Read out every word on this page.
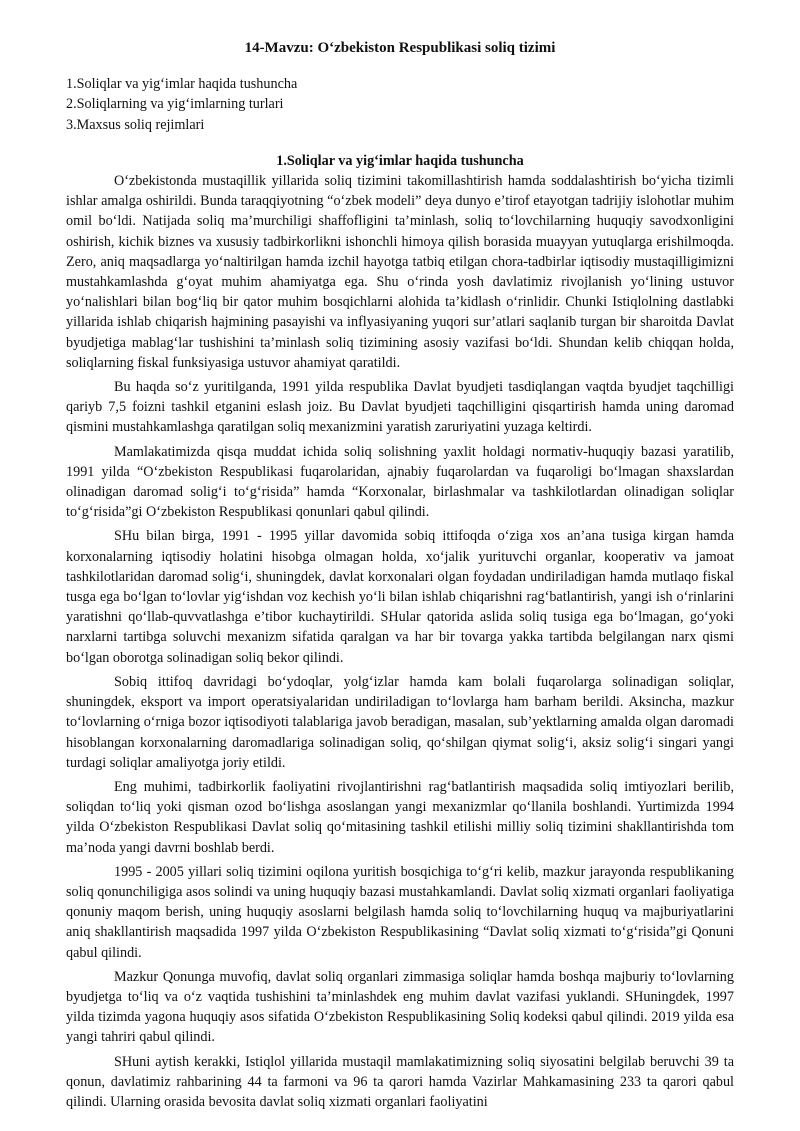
14-Mavzu: O‘zbekiston Respublikasi soliq tizimi
1.Soliqlar va yig‘imlar haqida tushuncha
2.Soliqlarning va yig‘imlarning turlari
3.Maxsus soliq rejimlari
1.Soliqlar va yig‘imlar haqida tushuncha

O‘zbekistonda mustaqillik yillarida soliq tizimini takomillashtirish hamda soddalashtirish bo‘yicha tizimli ishlar amalga oshirildi. Bunda taraqqiyotning “o‘zbek modeli” deya dunyo e’tirof etayotgan tadrijiy islohotlar muhim omil bo‘ldi. Natijada soliq ma’murchiligi shaffofligini ta’minlash, soliq to‘lovchilarning huquqiy savodxonligini oshirish, kichik biznes va xususiy tadbirkorlikni ishonchli himoya qilish borasida muayyan yutuqlarga erishilmoqda. Zero, aniq maqsadlarga yo‘naltirilgan hamda izchil hayotga tatbiq etilgan chora-tadbirlar iqtisodiy mustaqilligimizni mustahkamlashda g‘oyat muhim ahamiyatga ega. Shu o‘rinda yosh davlatimiz rivojlanish yo‘lining ustuvor yo‘nalishlari bilan bog‘liq bir qator muhim bosqichlarni alohida ta’kidlash o‘rinlidir. Chunki Istiqlolning dastlabki yillarida ishlab chiqarish hajmining pasayishi va inflyasiyaning yuqori sur’atlari saqlanib turgan bir sharoitda Davlat byudjetiga mablag‘lar tushishini ta’minlash soliq tizimining asosiy vazifasi bo‘ldi. Shundan kelib chiqqan holda, soliqlarning fiskal funksiyasiga ustuvor ahamiyat qaratildi.

Bu haqda so‘z yuritilganda, 1991 yilda respublika Davlat byudjeti tasdiqlangan vaqtda byudjet taqchilligi qariyb 7,5 foizni tashkil etganini eslash joiz. Bu Davlat byudjeti taqchilligini qisqartirish hamda uning daromad qismini mustahkamlashga qaratilgan soliq mexanizmini yaratish zaruriyatini yuzaga keltirdi.

Mamlakatimizda qisqa muddat ichida soliq solishning yaxlit holdagi normativ-huquqiy bazasi yaratilib, 1991 yilda “O‘zbekiston Respublikasi fuqarolaridan, ajnabiy fuqarolardan va fuqaroligi bo‘lmagan shaxslardan olinadigan daromad solig‘i to‘g‘risida” hamda “Korxonalar, birlashmalar va tashkilotlardan olinadigan soliqlar to‘g‘risida”gi O‘zbekiston Respublikasi qonunlari qabul qilindi.

SHu bilan birga, 1991 - 1995 yillar davomida sobiq ittifoqda o‘ziga xos an’ana tusiga kirgan hamda korxonalarning iqtisodiy holatini hisobga olmagan holda, xo‘jalik yurituvchi organlar, kooperativ va jamoat tashkilotlaridan daromad solig‘i, shuningdek, davlat korxonalari olgan foydadan undiriladigan hamda mutlaqo fiskal tusga ega bo‘lgan to‘lovlar yig‘ishdan voz kechish yo‘li bilan ishlab chiqarishni rag‘batlantirish, yangi ish o‘rinlarini yaratishni qo‘llab-quvvatlashga e’tibor kuchaytirildi. SHular qatorida aslida soliq tusiga ega bo‘lmagan, go‘yoki narxlarni tartibga soluvchi mexanizm sifatida qaralgan va har bir tovarga yakka tartibda belgilangan narx qismi bo‘lgan oborotga solinadigan soliq bekor qilindi.

Sobiq ittifoq davridagi bo‘ydoqlar, yolg‘izlar hamda kam bolali fuqarolarga solinadigan soliqlar, shuningdek, eksport va import operatsiyalaridan undiriladigan to‘lovlarga ham barham berildi. Aksincha, mazkur to‘lovlarning o‘rniga bozor iqtisodiyoti talablariga javob beradigan, masalan, sub’yektlarning amalda olgan daromadi hisoblangan korxonalarning daromadlariga solinadigan soliq, qo‘shilgan qiymat solig‘i, aksiz solig‘i singari yangi turdagi soliqlar amaliyotga joriy etildi.

Eng muhimi, tadbirkorlik faoliyatini rivojlantirishni rag‘batlantirish maqsadida soliq imtiyozlari berilib, soliqdan to‘liq yoki qisman ozod bo‘lishga asoslangan yangi mexanizmlar qo‘llanila boshlandi. Yurtimizda 1994 yilda O‘zbekiston Respublikasi Davlat soliq qo‘mitasining tashkil etilishi milliy soliq tizimini shakllantirishda tom ma’noda yangi davrni boshlab berdi.

1995 - 2005 yillari soliq tizimini oqilona yuritish bosqichiga to‘g‘ri kelib, mazkur jarayonda respublikaning soliq qonunchiligiga asos solindi va uning huquqiy bazasi mustahkamlandi. Davlat soliq xizmati organlari faoliyatiga qonuniy maqom berish, uning huquqiy asoslarni belgilash hamda soliq to‘lovchilarning huquq va majburiyatlarini aniq shakllantirish maqsadida 1997 yilda O‘zbekiston Respublikasining “Davlat soliq xizmati to‘g‘risida”gi Qonuni qabul qilindi.

Mazkur Qonunga muvofiq, davlat soliq organlari zimmasiga soliqlar hamda boshqa majburiy to‘lovlarning byudjetga to‘liq va o‘z vaqtida tushishini ta’minlashdek eng muhim davlat vazifasi yuklandi. SHuningdek, 1997 yilda tizimda yagona huquqiy asos sifatida O‘zbekiston Respublikasining Soliq kodeksi qabul qilindi. 2019 yilda esa yangi tahriri qabul qilindi.

SHuni aytish kerakki, Istiqlol yillarida mustaqil mamlakatimizning soliq siyosatini belgilab beruvchi 39 ta qonun, davlatimiz rahbarining 44 ta farmoni va 96 ta qarori hamda Vazirlar Mahkamasining 233 ta qarori qabul qilindi. Ularning orasida bevosita davlat soliq xizmati organlari faoliyatini
